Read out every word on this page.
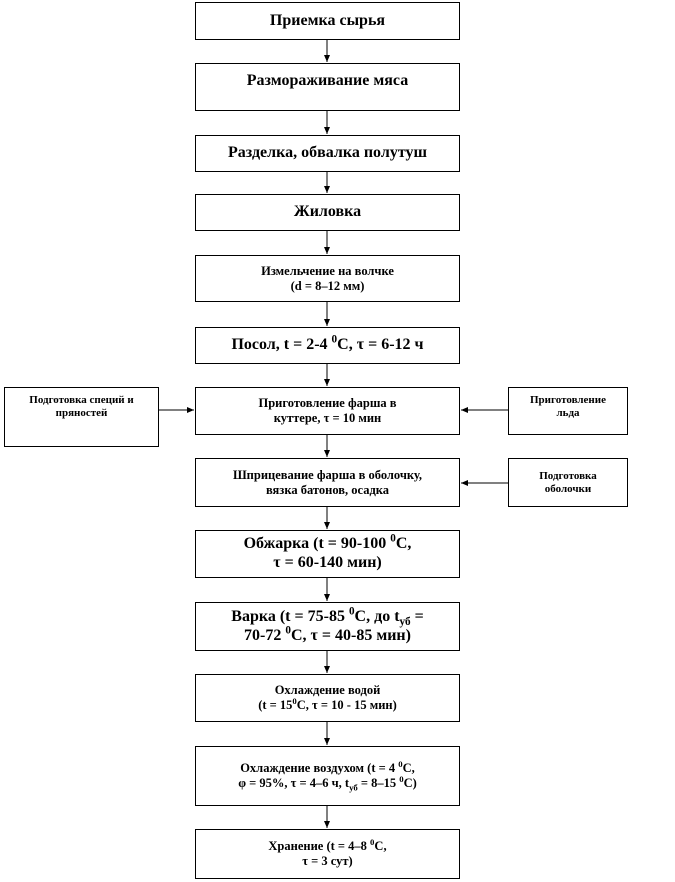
Приемка сырья
Размораживание мяса
Разделка, обвалка полутуш
Жиловка
Измельчение на волчке
(d = 8–12 мм)
Посол, t = 2-4 $^0$С, τ = 6-12 ч
Приготовление фарша в
куттере, τ = 10 мин
Шприцевание фарша в оболочку,
вязка батонов, осадка
Обжарка (t = 90-100 $^0$С,
τ = 60-140 мин)
Варка (t = 75-85 $^0$С, до $t_{уб}$ =
70-72 $^0$С, τ = 40-85 мин)
Охлаждение водой
($t = 15^0С$, τ = 10 - 15 мин)
Охлаждение воздухом (t = 4 $^0$С,
φ = 95%, τ = 4–6 ч, $t_{уб} = 8-15$ $^0$С)
Хранение (t = 4–8 $^0$С,
τ = 3 сут)
Подготовка специй и
пряностей
Приготовление
льда
Подготовка
оболочки
